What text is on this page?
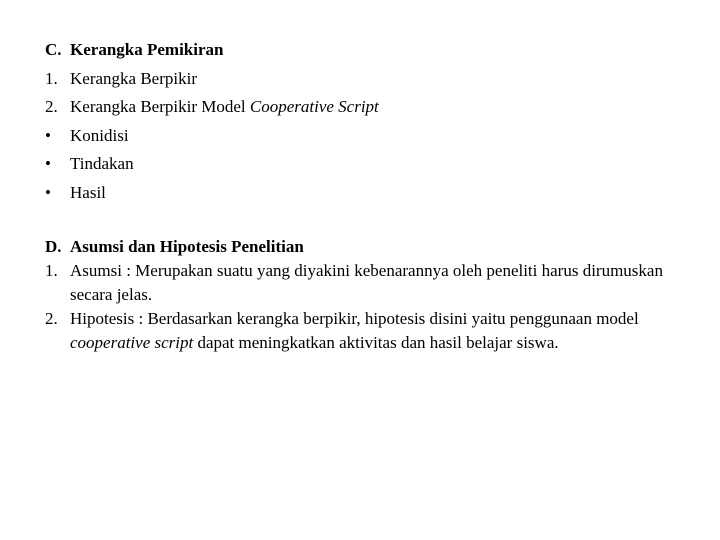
C. Kerangka Pemikiran
1. Kerangka Berpikir
2. Kerangka Berpikir Model Cooperative Script
•	Konidisi
•	Tindakan
•	Hasil
D. Asumsi dan Hipotesis Penelitian
1. Asumsi : Merupakan suatu yang diyakini kebenarannya oleh peneliti harus dirumuskan secara jelas.
2. Hipotesis : Berdasarkan kerangka berpikir, hipotesis disini yaitu penggunaan model cooperative script dapat meningkatkan aktivitas dan hasil belajar siswa.
